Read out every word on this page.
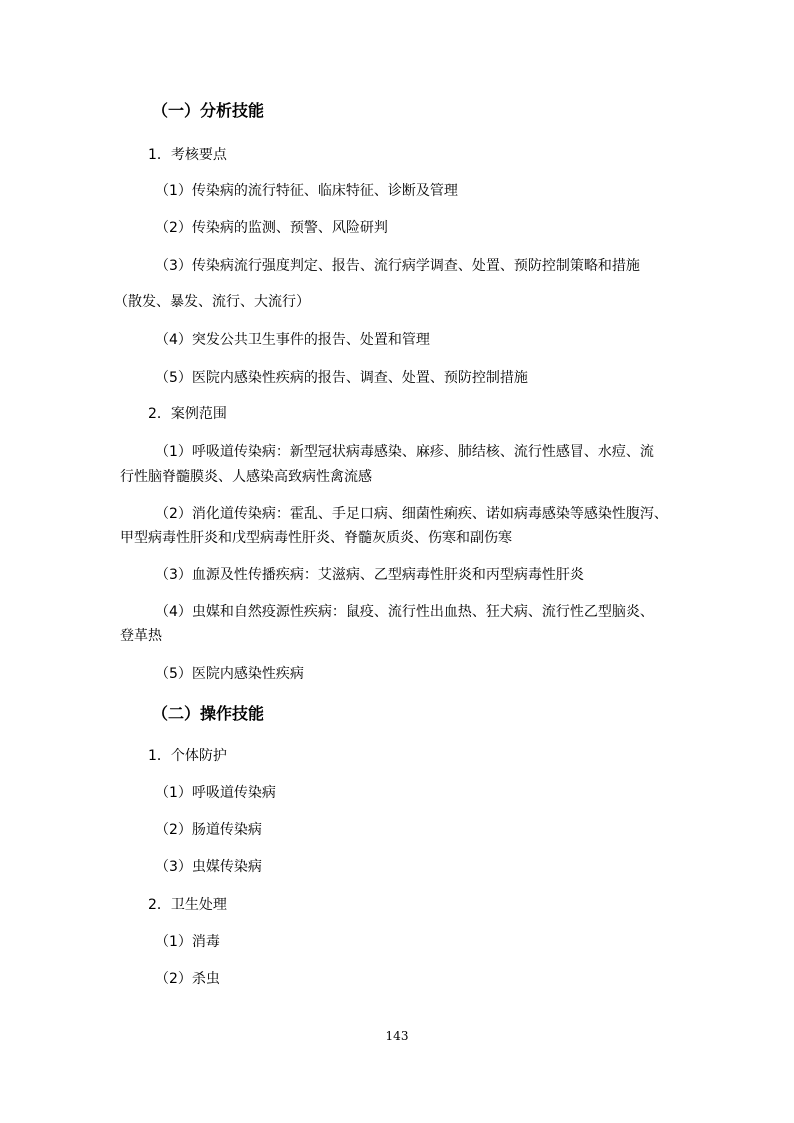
（一）分析技能
1．考核要点
（1）传染病的流行特征、临床特征、诊断及管理
（2）传染病的监测、预警、风险研判
（3）传染病流行强度判定、报告、流行病学调查、处置、预防控制策略和措施
（散发、暴发、流行、大流行）
（4）突发公共卫生事件的报告、处置和管理
（5）医院内感染性疾病的报告、调查、处置、预防控制措施
2．案例范围
（1）呼吸道传染病：新型冠状病毒感染、麻疹、肺结核、流行性感冒、水痘、流
行性脑脊髓膜炎、人感染高致病性禽流感
（2）消化道传染病：霍乱、手足口病、细菌性痢疾、诺如病毒感染等感染性腹泻、
甲型病毒性肝炎和戊型病毒性肝炎、脊髓灰质炎、伤寒和副伤寒
（3）血源及性传播疾病：艾滋病、乙型病毒性肝炎和丙型病毒性肝炎
（4）虫媒和自然疫源性疾病：鼠疫、流行性出血热、狂犬病、流行性乙型脑炎、
登革热
（5）医院内感染性疾病
（二）操作技能
1．个体防护
（1）呼吸道传染病
（2）肠道传染病
（3）虫媒传染病
2．卫生处理
（1）消毒
（2）杀虫
143
